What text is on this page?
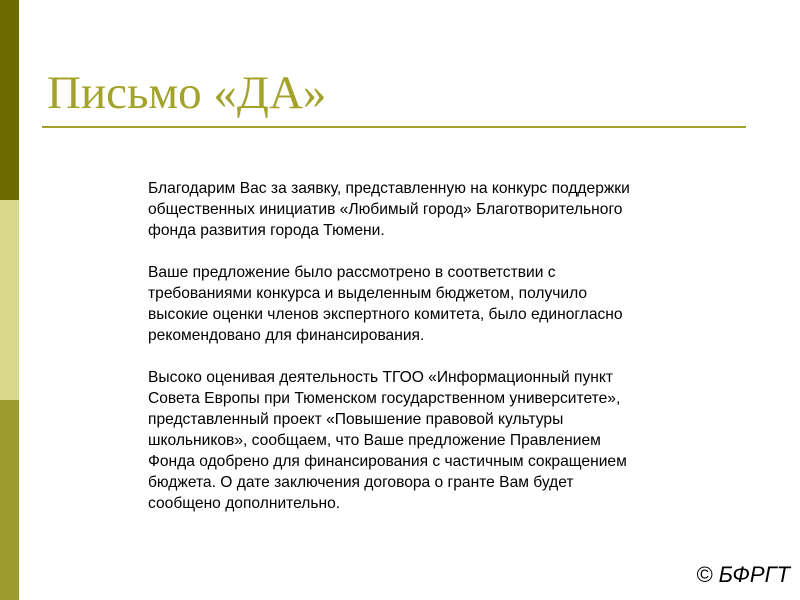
Письмо «ДА»

Благодарим Вас за заявку, представленную на конкурс поддержки
общественных инициатив «Любимый город» Благотворительного
фонда развития города Тюмени.

Ваше предложение было рассмотрено в соответствии с
требованиями конкурса и выделенным бюджетом, получило
высокие оценки членов экспертного комитета, было единогласно
рекомендовано для финансирования.

Высоко оценивая деятельность ТГОО «Информационный пункт
Совета Европы при Тюменском государственном университете»,
представленный проект «Повышение правовой культуры
школьников», сообщаем, что Ваше предложение Правлением
Фонда одобрено для финансирования с частичным сокращением
бюджета. О дате заключения договора о гранте Вам будет
сообщено дополнительно.

© БФРГТ
